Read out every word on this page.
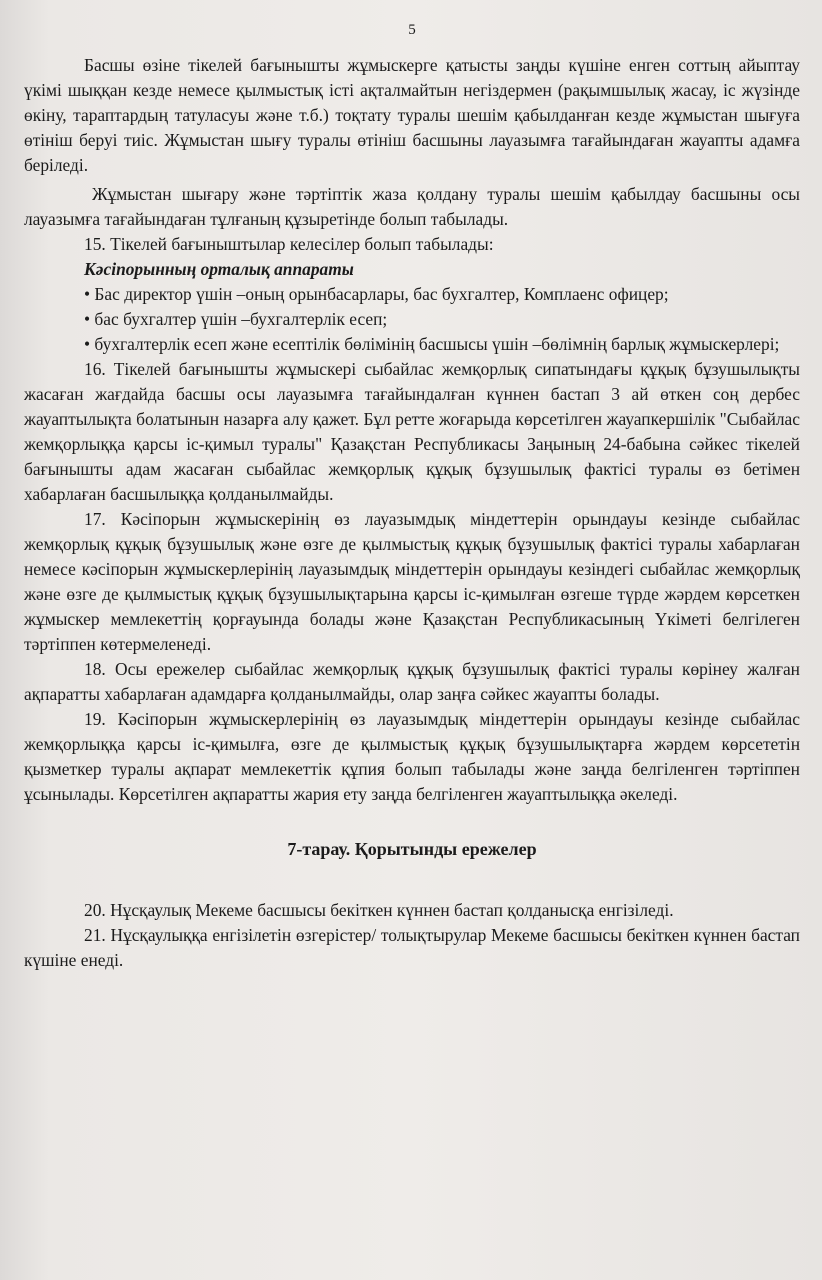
5

Басшы өзіне тікелей бағынышты жұмыскерге қатысты заңды күшіне енген соттың айыптау үкімі шыққан кезде немесе қылмыстық істі ақталмайтын негіздермен (рақымшылық жасау, іс жүзінде өкіну, тараптардың татуласуы және т.б.) тоқтату туралы шешім қабылданған кезде жұмыстан шығуға өтініш беруі тиіс. Жұмыстан шығу туралы өтініш басшыны лауазымға тағайындаған жауапты адамға беріледі.

Жұмыстан шығару және тәртіптік жаза қолдану туралы шешім қабылдау басшыны осы лауазымға тағайындаған тұлғаның құзыретінде болып табылады.

15. Тікелей бағыныштылар келесілер болып табылады:

Кәсіпорынның орталық аппараты

• Бас директор үшін –оның орынбасарлары, бас бухгалтер, Комплаенс офицер;

• бас бухгалтер үшін –бухгалтерлік есеп;

• бухгалтерлік есеп және есептілік бөлімінің басшысы үшін –бөлімнің барлық жұмыскерлері;

16. Тікелей бағынышты жұмыскері сыбайлас жемқорлық сипатындағы құқық бұзушылықты жасаған жағдайда басшы осы лауазымға тағайындалған күннен бастап 3 ай өткен соң дербес жауаптылықта болатынын назарға алу қажет. Бұл ретте жоғарыда көрсетілген жауапкершілік "Сыбайлас жемқорлыққа қарсы іс-қимыл туралы" Қазақстан Республикасы Заңының 24-бабына сәйкес тікелей бағынышты адам жасаған сыбайлас жемқорлық құқық бұзушылық фактісі туралы өз бетімен хабарлаған басшылыққа қолданылмайды.

17. Кәсіпорын жұмыскерінің өз лауазымдық міндеттерін орындауы кезінде сыбайлас жемқорлық құқық бұзушылық және өзге де қылмыстық құқық бұзушылық фактісі туралы хабарлаған немесе кәсіпорын жұмыскерлерінің лауазымдық міндеттерін орындауы кезіндегі сыбайлас жемқорлық және өзге де қылмыстық құқық бұзушылықтарына қарсы іс-қимылған өзгеше түрде жәрдем көрсеткен жұмыскер мемлекеттің қорғауында болады және Қазақстан Республикасының Үкіметі белгілеген тәртіппен көтермеленеді.

18. Осы ережелер сыбайлас жемқорлық құқық бұзушылық фактісі туралы көрінеу жалған ақпаратты хабарлаған адамдарға қолданылмайды, олар заңға сәйкес жауапты болады.

19. Кәсіпорын жұмыскерлерінің өз лауазымдық міндеттерін орындауы кезінде сыбайлас жемқорлыққа қарсы іс-қимылға, өзге де қылмыстық құқық бұзушылықтарға жәрдем көрсететін қызметкер туралы ақпарат мемлекеттік құпия болып табылады және заңда белгіленген тәртіппен ұсынылады. Көрсетілген ақпаратты жария ету заңда белгіленген жауаптылыққа әкеледі.

7-тарау. Қорытынды ережелер

20. Нұсқаулық Мекеме басшысы бекіткен күннен бастап қолданысқа енгізіледі.

21. Нұсқаулыққа енгізілетін өзгерістер/ толықтырулар Мекеме басшысы бекіткен күннен бастап күшіне енеді.
